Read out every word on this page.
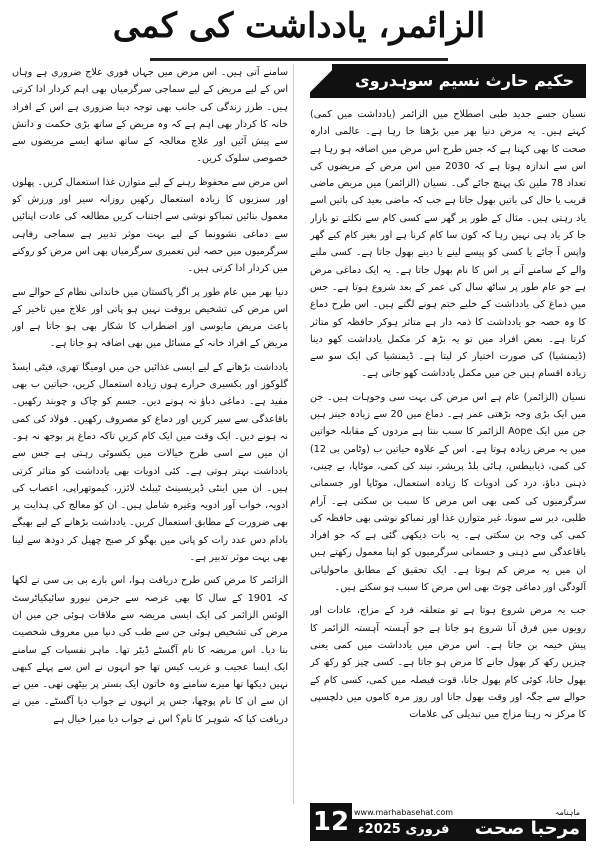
الزائمر، یادداشت کی کمی
حکیم حارث نسیم سوہدروی

نسیان جسے جدید طبی اصطلاح میں الزائمر (یادداشت میں کمی) کہتے ہیں۔ یہ مرض دنیا بھر میں بڑھتا جا رہا ہے۔ عالمی ادارہ صحت کا بھی کہنا ہے کہ جس طرح اس مرض میں اضافہ ہو رہا ہے اس سے اندازہ ہوتا ہے کہ 2030 میں اس مرض کے مریضوں کی تعداد 78 ملین تک پہنچ جائے گی۔ نسیان (الزائمر) میں مریض ماضی قریب یا حال کی باتیں بھول جاتا ہے جب کہ ماضی بعید کی باتیں اسے یاد رہتی ہیں۔ مثال کے طور پر گھر سے کسی کام سے نکلتے تو بازار جا کر یاد ہی نہیں رہا کہ کون سا کام کرنا ہے اور بغیر کام کیے گھر واپس آ جائے یا کسی کو پیسے لینے یا دینے بھول جاتا ہے۔ کسی ملنے والے کے سامنے آنے پر اس کا نام بھول جاتا ہے۔ یہ ایک دماغی مرض ہے جو عام طور پر ساٹھ سال کی عمر کے بعد شروع ہوتا ہے۔ جس میں دماغ کی یادداشت کے خلیے ختم ہونے لگتے ہیں۔ اس طرح دماغ کا وہ حصہ جو یادداشت کا ذمہ دار ہے متاثر ہوکر حافظہ کو متاثر کرتا ہے۔ بعض افراد میں تو یہ بڑھ کر مکمل یادداشت کھو دینا (ڈیمنشیا) کی صورت اختیار کر لیتا ہے۔ ڈیمنشیا کی ایک سو سے زیادہ اقسام ہیں جن میں مکمل یادداشت کھو جاتی ہے۔

نسیان (الزائمر) عام ہے اس مرض کی بہت سی وجوہات ہیں۔ جن میں ایک بڑی وجہ بڑھتی عمر ہے۔ دماغ میں 20 سے زیادہ جینز ہیں جن میں ایک Aope الزائمر کا سبب بنتا ہے مردوں کے مقابلہ خواتین میں یہ مرض زیادہ ہوتا ہے۔ اس کے علاوہ حیاتین ب (وٹامن بی 12) کی کمی، ذیابیطس، ہائی بلڈ پریشر، نیند کی کمی، موٹاپا، بے چینی، ذہنی دباؤ، درد کی ادویات کا زیادہ استعمال، موٹاپا اور جسمانی سرگرمیوں کی کمی بھی اس مرض کا سبب بن سکتی ہے۔ آرام طلبی، دیر سے سونا، غیر متوازن غذا اور تمباکو نوشی بھی حافظہ کی کمی کی وجہ بن سکتی ہے۔ یہ بات دیکھی گئی ہے کہ جو افراد باقاعدگی سے ذہنی و جسمانی سرگرمیوں کو اپنا معمول رکھتے ہیں ان میں یہ مرض کم ہوتا ہے۔ ایک تحقیق کے مطابق ماحولیاتی آلودگی اور دماغی چوٹ بھی اس مرض کا سبب ہو سکتے ہیں۔

جب یہ مرض شروع ہوتا ہے تو متعلقہ فرد کے مزاج، عادات اور رویوں میں فرق آنا شروع ہو جاتا ہے جو آہستہ آہستہ الزائمر کا پیش خیمہ بن جاتا ہے۔ اس مرض میں یادداشت میں کمی یعنی چیزیں رکھ کر بھول جانے کا مرض ہو جاتا ہے۔ کسی چیز کو رکھ کر بھول جانا، کوئی کام بھول جانا، قوت فیصلہ میں کمی، کسی کام کے حوالے سے جگہ اور وقت بھول جانا اور روز مرہ کاموں میں دلچسپی کا مرکز نہ رہنا مزاج میں تبدیلی کی علامات

سامنے آتی ہیں۔ اس مرض میں جہاں فوری علاج ضروری ہے وہاں اس کے لیے مریض کے لیے سماجی سرگرمیاں بھی اہم کردار ادا کرتی ہیں۔ طرز زندگی کی جانب بھی توجہ دینا ضروری ہے اس کے افراد خانہ کا کردار بھی اہم ہے کہ وہ مریض کے ساتھ بڑی حکمت و دانش سے پیش آئیں اور علاج معالجہ کے ساتھ ساتھ ایسے مریضوں سے خصوصی سلوک کریں۔

اس مرض سے محفوظ رہنے کے لیے متوازن غذا استعمال کریں۔ پھلوں اور سبزیوں کا زیادہ استعمال رکھیں روزانہ سیر اور ورزش کو معمول بنائیں تمباکو نوشی سے اجتناب کریں مطالعہ کی عادت اپنائیں سے دماغی نشوونما کے لیے بہت موثر تدبیر ہے سماجی رفاہی سرگرمیوں میں حصہ لیں تعمیری سرگرمیاں بھی اس مرض کو روکنے میں کردار ادا کرتی ہیں۔

دنیا بھر میں عام طور پر اگر پاکستان میں خاندانی نظام کے حوالے سے اس مرض کی تشخیص بروقت نہیں ہو پاتی اور علاج میں تاخیر کے باعث مریض مایوسی اور اضطراب کا شکار بھی ہو جاتا ہے اور مریض کے افراد خانہ کے مسائل میں بھی اضافہ ہو جاتا ہے۔

یادداشت بڑھانے کے لیے ایسی غذائیں جن میں اومیگا تھری، فیٹی ایسڈ گلوکوز اور بکسیری حرارے ہوں زیادہ استعمال کریں، حیاتین ب بھی مفید ہے۔ دماغی دباؤ نہ ہونے دیں۔ جسم کو چاک و چوبند رکھیں۔ باقاعدگی سے سیر کریں اور دماغ کو مصروف رکھیں۔ فولاد کی کمی نہ ہونے دیں۔ ایک وقت میں ایک کام کریں تاکہ دماغ پر بوجھ نہ ہو۔ ان میں سے اسی طرح خیالات میں یکسوئی رہتی ہے جس سے یادداشت بہتر ہوتی ہے۔ کئی ادویات بھی یادداشت کو متاثر کرتی ہیں۔ ان میں اینٹی ڈپریسینٹ ٹیبلٹ لائزر، کیموتھراپی، اعصاب کی ادویہ، خواب آور ادویہ وغیرہ شامل ہیں۔ ان کو معالج کی ہدایت پر بھی ضرورت کے مطابق استعمال کریں۔ یادداشت بڑھانے کے لیے بھیگے بادام دس عدد رات کو پانی میں بھگو کر صبح چھیل کر دودھ سے لینا بھی بہت موثر تدبیر ہے۔

الزائمر کا مرض کس طرح دریافت ہوا، اس بارے بی بی سی نے لکھا کہ 1901 کے سال کا بھی عرصہ سے جرمن نیورو سائیکیاٹرسٹ الوئس الزائمر کی ایک ایسی مریضہ سے ملاقات ہوئی جن میں ان مرض کی تشخیص ہوئی جن سے طب کی دنیا میں معروف شخصیت بنا دیا۔ اس مریضہ کا نام آگسٹے ڈیٹر تھا۔ ماہر نفسیات کے سامنے ایک ایسا عجیب و غریب کیس تھا جو انہوں نے اس سے پہلے کبھی نہیں دیکھا تھا میرے سامنے وہ خاتون ایک بستر پر بیٹھی تھی۔ میں نے ان سے ان کا نام پوچھا، جس پر انہوں نے جواب دیا آگسٹے۔ میں نے دریافت کیا کہ شوہر کا نام؟ اس نے جواب دیا میرا خیال ہے

ماہنامہ
www.marhabasehat.com
مرحبا صحت
فروری 2025ء
12
